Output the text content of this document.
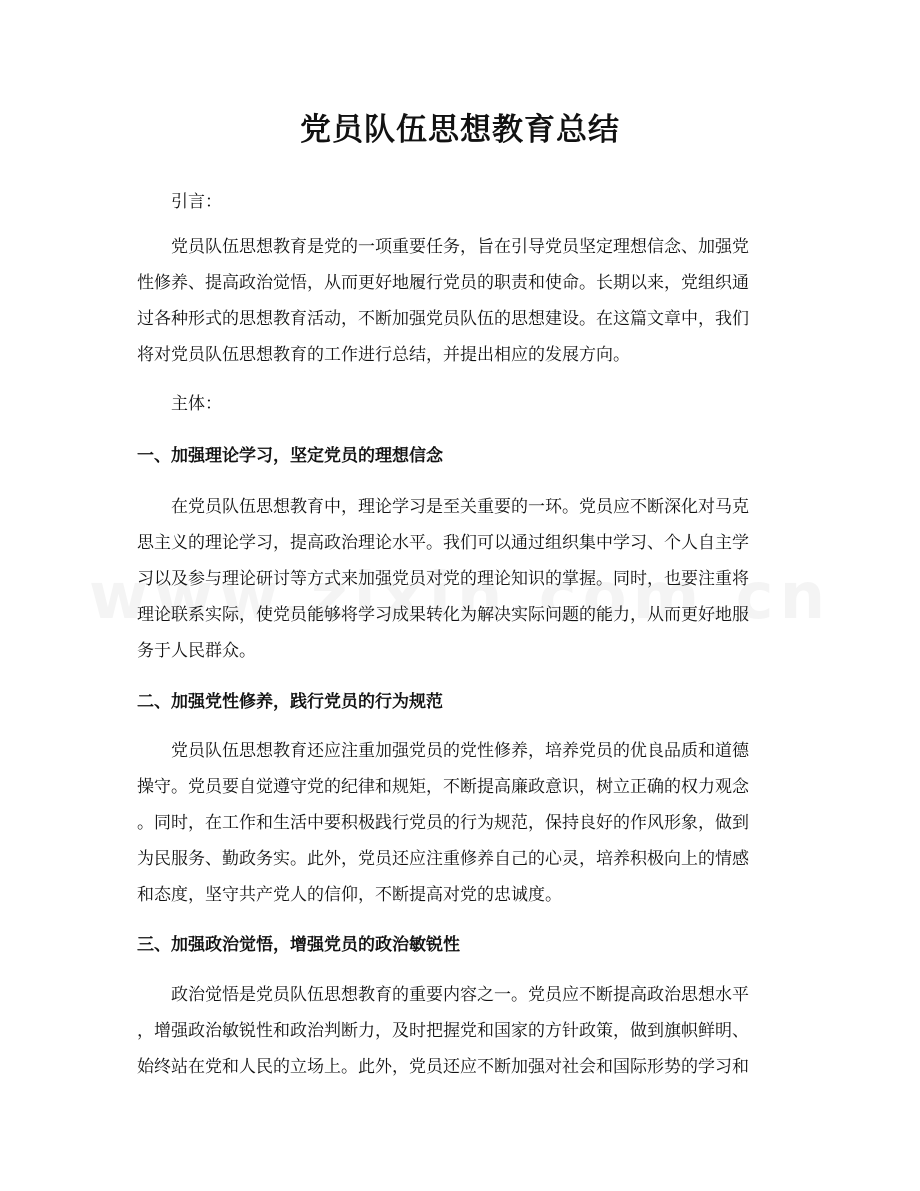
党员队伍思想教育总结

引言：

党员队伍思想教育是党的一项重要任务，旨在引导党员坚定理想信念、加强党
性修养、提高政治觉悟，从而更好地履行党员的职责和使命。长期以来，党组织通
过各种形式的思想教育活动，不断加强党员队伍的思想建设。在这篇文章中，我们
将对党员队伍思想教育的工作进行总结，并提出相应的发展方向。

主体：

一、加强理论学习，坚定党员的理想信念

在党员队伍思想教育中，理论学习是至关重要的一环。党员应不断深化对马克
思主义的理论学习，提高政治理论水平。我们可以通过组织集中学习、个人自主学
习以及参与理论研讨等方式来加强党员对党的理论知识的掌握。同时，也要注重将
理论联系实际，使党员能够将学习成果转化为解决实际问题的能力，从而更好地服
务于人民群众。

二、加强党性修养，践行党员的行为规范

党员队伍思想教育还应注重加强党员的党性修养，培养党员的优良品质和道德
操守。党员要自觉遵守党的纪律和规矩，不断提高廉政意识，树立正确的权力观念
。同时，在工作和生活中要积极践行党员的行为规范，保持良好的作风形象，做到
为民服务、勤政务实。此外，党员还应注重修养自己的心灵，培养积极向上的情感
和态度，坚守共产党人的信仰，不断提高对党的忠诚度。

三、加强政治觉悟，增强党员的政治敏锐性

政治觉悟是党员队伍思想教育的重要内容之一。党员应不断提高政治思想水平
，增强政治敏锐性和政治判断力，及时把握党和国家的方针政策，做到旗帜鲜明、
始终站在党和人民的立场上。此外，党员还应不断加强对社会和国际形势的学习和
